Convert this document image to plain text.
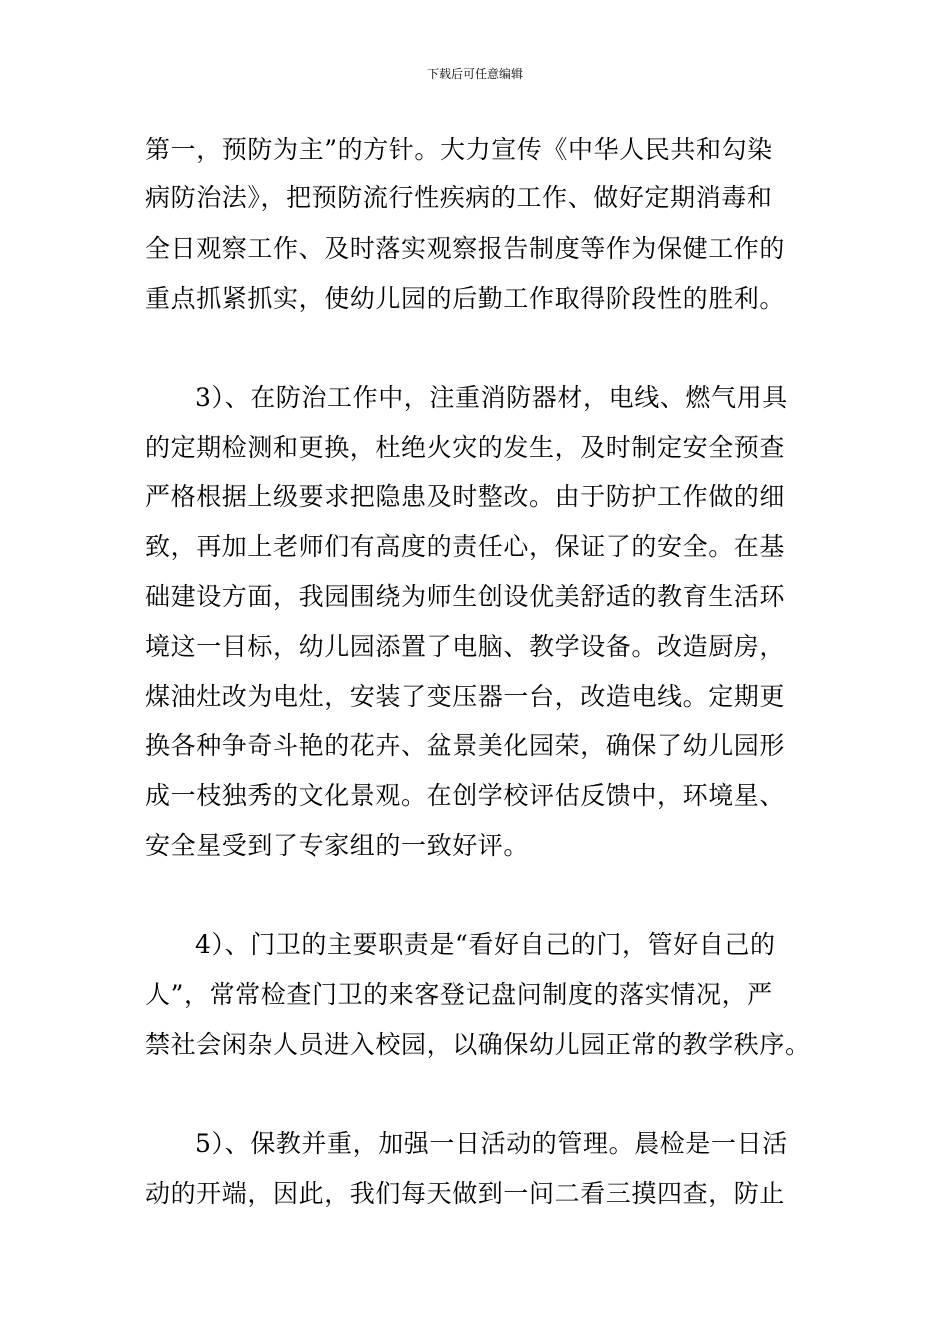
下载后可任意编辑
第一，预防为主”的方针。大力宣传《中华人民共和勾染
病防治法》，把预防流行性疾病的工作、做好定期消毒和
全日观察工作、及时落实观察报告制度等作为保健工作的
重点抓紧抓实，使幼儿园的后勤工作取得阶段性的胜利。
3）、在防治工作中，注重消防器材，电线、燃气用具
的定期检测和更换，杜绝火灾的发生，及时制定安全预查
严格根据上级要求把隐患及时整改。由于防护工作做的细
致，再加上老师们有高度的责任心，保证了的安全。在基
础建设方面，我园围绕为师生创设优美舒适的教育生活环
境这一目标，幼儿园添置了电脑、教学设备。改造厨房，
煤油灶改为电灶，安装了变压器一台，改造电线。定期更
换各种争奇斗艳的花卉、盆景美化园荣，确保了幼儿园形
成一枝独秀的文化景观。在创学校评估反馈中，环境星、
安全星受到了专家组的一致好评。
4）、门卫的主要职责是“看好自己的门，管好自己的
人”，常常检查门卫的来客登记盘问制度的落实情况，严
禁社会闲杂人员进入校园，以确保幼儿园正常的教学秩序。
5）、保教并重，加强一日活动的管理。晨检是一日活
动的开端，因此，我们每天做到一问二看三摸四查，防止
